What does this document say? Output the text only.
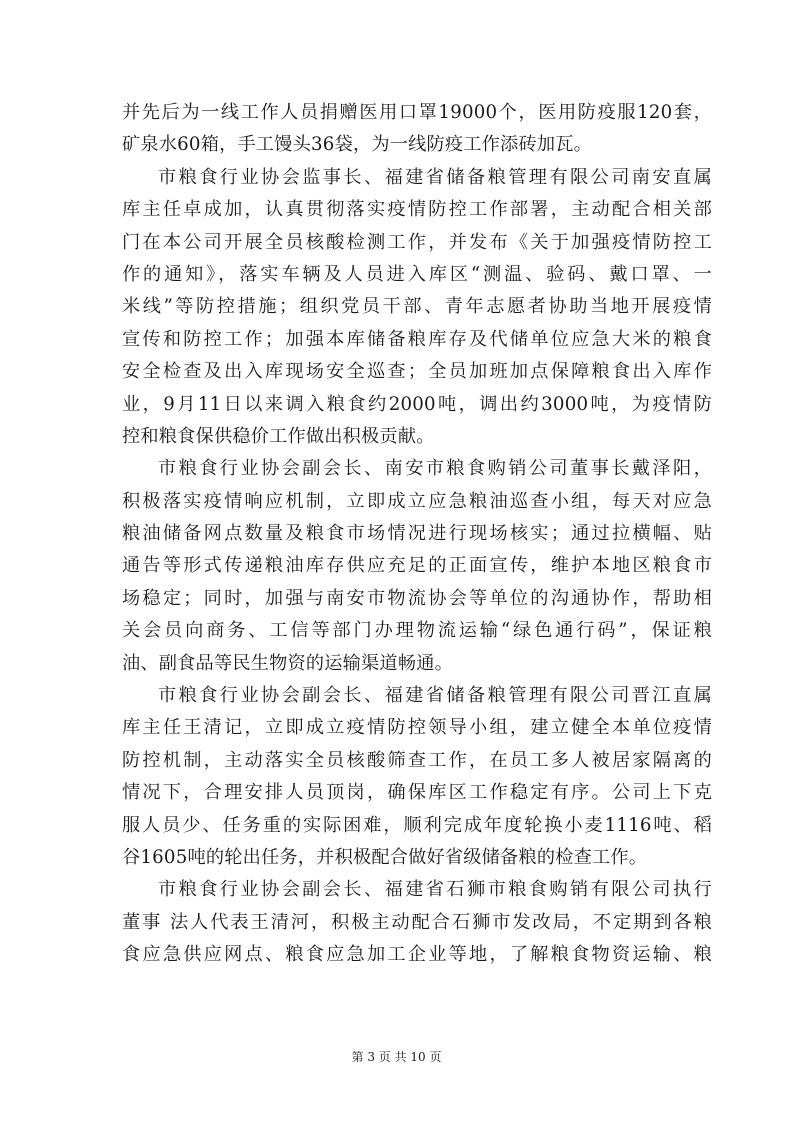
并先后为一线工作人员捐赠医用口罩19000个，医用防疫服120套，
矿泉水60箱，手工馒头36袋，为一线防疫工作添砖加瓦。
市粮食行业协会监事长、福建省储备粮管理有限公司南安直属
库主任卓成加，认真贯彻落实疫情防控工作部署，主动配合相关部
门在本公司开展全员核酸检测工作，并发布《关于加强疫情防控工
作的通知》，落实车辆及人员进入库区“测温、验码、戴口罩、一
米线”等防控措施；组织党员干部、青年志愿者协助当地开展疫情
宣传和防控工作；加强本库储备粮库存及代储单位应急大米的粮食
安全检查及出入库现场安全巡查；全员加班加点保障粮食出入库作
业，9月11日以来调入粮食约2000吨，调出约3000吨，为疫情防
控和粮食保供稳价工作做出积极贡献。
市粮食行业协会副会长、南安市粮食购销公司董事长戴泽阳，
积极落实疫情响应机制，立即成立应急粮油巡查小组，每天对应急
粮油储备网点数量及粮食市场情况进行现场核实；通过拉横幅、贴
通告等形式传递粮油库存供应充足的正面宣传，维护本地区粮食市
场稳定；同时，加强与南安市物流协会等单位的沟通协作，帮助相
关会员向商务、工信等部门办理物流运输“绿色通行码”，保证粮
油、副食品等民生物资的运输渠道畅通。
市粮食行业协会副会长、福建省储备粮管理有限公司晋江直属
库主任王清记，立即成立疫情防控领导小组，建立健全本单位疫情
防控机制，主动落实全员核酸筛查工作，在员工多人被居家隔离的
情况下，合理安排人员顶岗，确保库区工作稳定有序。公司上下克
服人员少、任务重的实际困难，顺利完成年度轮换小麦1116吨、稻
谷1605吨的轮出任务，并积极配合做好省级储备粮的检查工作。
市粮食行业协会副会长、福建省石狮市粮食购销有限公司执行
董事 法人代表王清河，积极主动配合石狮市发改局，不定期到各粮
食应急供应网点、粮食应急加工企业等地，了解粮食物资运输、粮
第 3 页 共 10 页
